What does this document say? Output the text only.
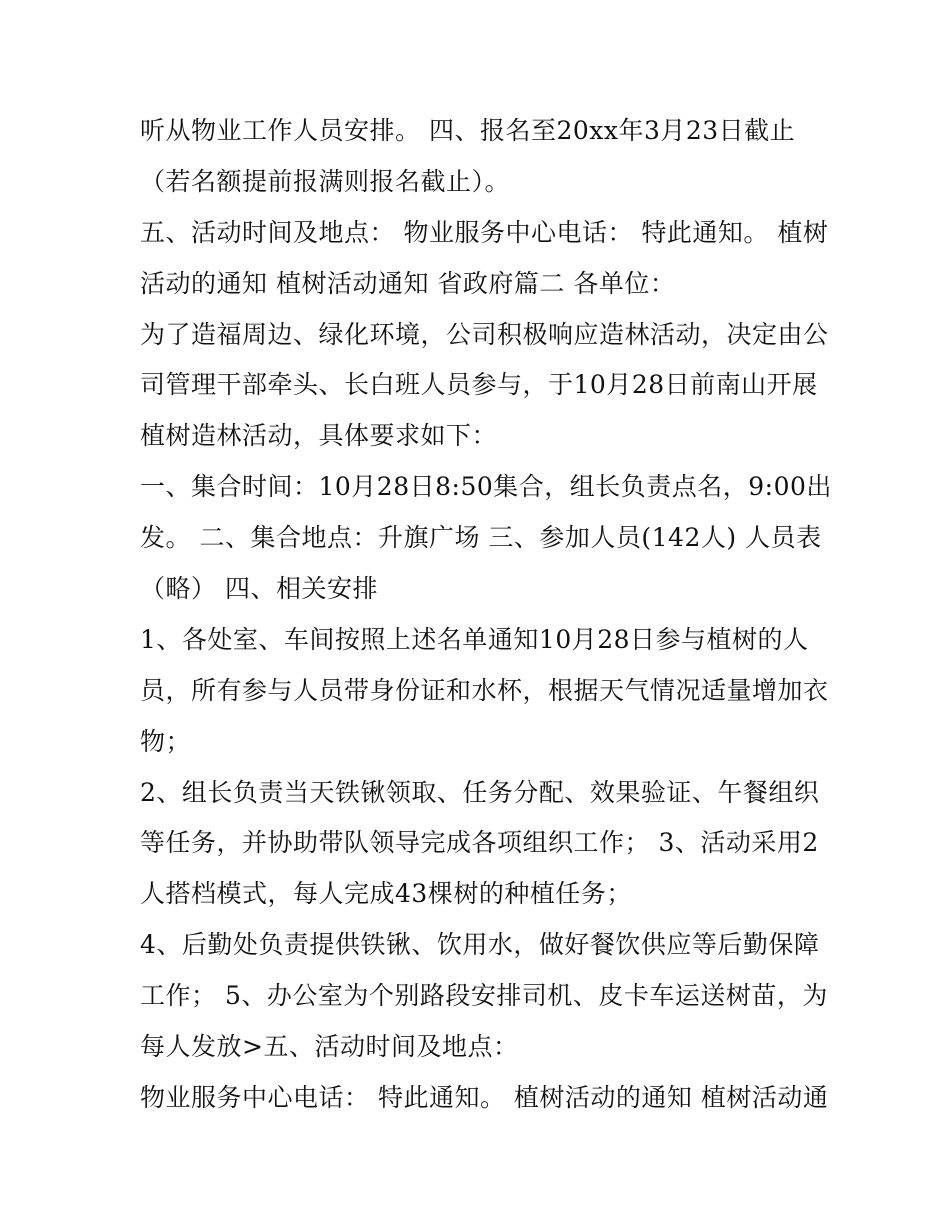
听从物业工作人员安排。 四、报名至20xx年3月23日截止
（若名额提前报满则报名截止）。
五、活动时间及地点： 物业服务中心电话： 特此通知。 植树
活动的通知 植树活动通知 省政府篇二 各单位：
为了造福周边、绿化环境，公司积极响应造林活动，决定由公
司管理干部牵头、长白班人员参与，于10月28日前南山开展
植树造林活动，具体要求如下：
一、集合时间：10月28日8:50集合，组长负责点名，9:00出
发。 二、集合地点：升旗广场 三、参加人员(142人) 人员表
（略） 四、相关安排
1、各处室、车间按照上述名单通知10月28日参与植树的人
员，所有参与人员带身份证和水杯，根据天气情况适量增加衣
物；
2、组长负责当天铁锹领取、任务分配、效果验证、午餐组织
等任务，并协助带队领导完成各项组织工作； 3、活动采用2
人搭档模式，每人完成43棵树的种植任务；
4、后勤处负责提供铁锹、饮用水，做好餐饮供应等后勤保障
工作； 5、办公室为个别路段安排司机、皮卡车运送树苗，为
每人发放>五、活动时间及地点：
物业服务中心电话： 特此通知。 植树活动的通知 植树活动通
